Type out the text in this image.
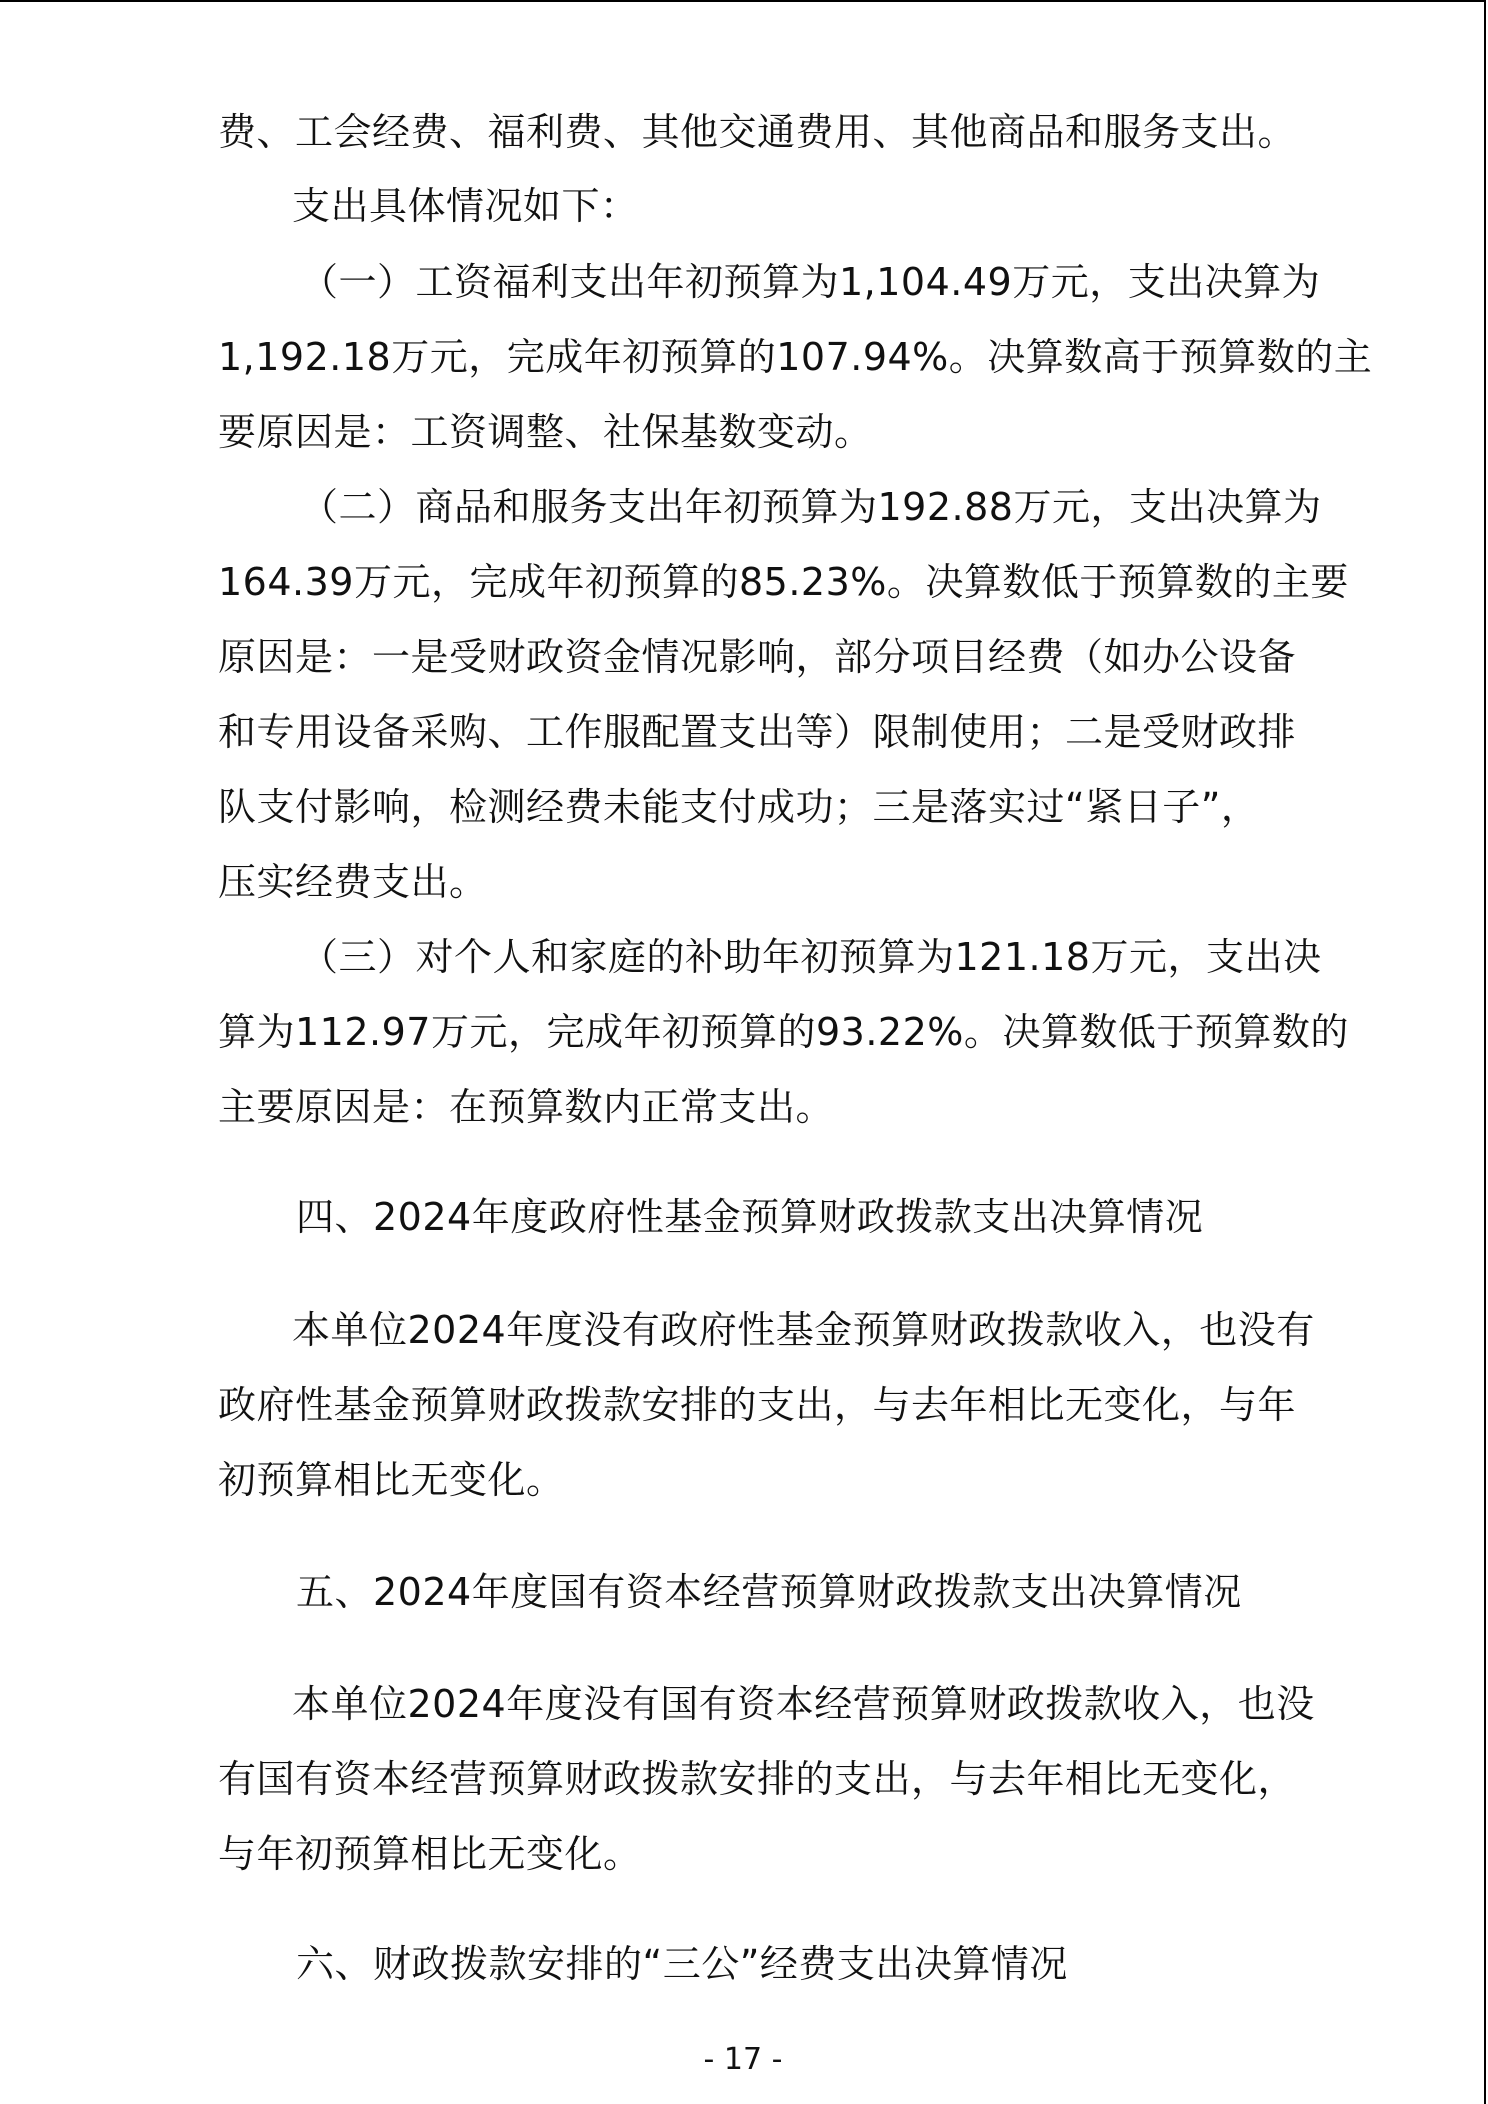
费、工会经费、福利费、其他交通费用、其他商品和服务支出。
支出具体情况如下：
（一）工资福利支出年初预算为1,104.49万元，支出决算为
1,192.18万元，完成年初预算的107.94%。决算数高于预算数的主
要原因是：工资调整、社保基数变动。
（二）商品和服务支出年初预算为192.88万元，支出决算为
164.39万元，完成年初预算的85.23%。决算数低于预算数的主要
原因是：一是受财政资金情况影响，部分项目经费（如办公设备
和专用设备采购、工作服配置支出等）限制使用；二是受财政排
队支付影响，检测经费未能支付成功；三是落实过“紧日子”，
压实经费支出。
（三）对个人和家庭的补助年初预算为121.18万元，支出决
算为112.97万元，完成年初预算的93.22%。决算数低于预算数的
主要原因是：在预算数内正常支出。
四、2024年度政府性基金预算财政拨款支出决算情况
本单位2024年度没有政府性基金预算财政拨款收入，也没有
政府性基金预算财政拨款安排的支出，与去年相比无变化，与年
初预算相比无变化。
五、2024年度国有资本经营预算财政拨款支出决算情况
本单位2024年度没有国有资本经营预算财政拨款收入，也没
有国有资本经营预算财政拨款安排的支出，与去年相比无变化，
与年初预算相比无变化。
六、财政拨款安排的“三公”经费支出决算情况
- 17 -
